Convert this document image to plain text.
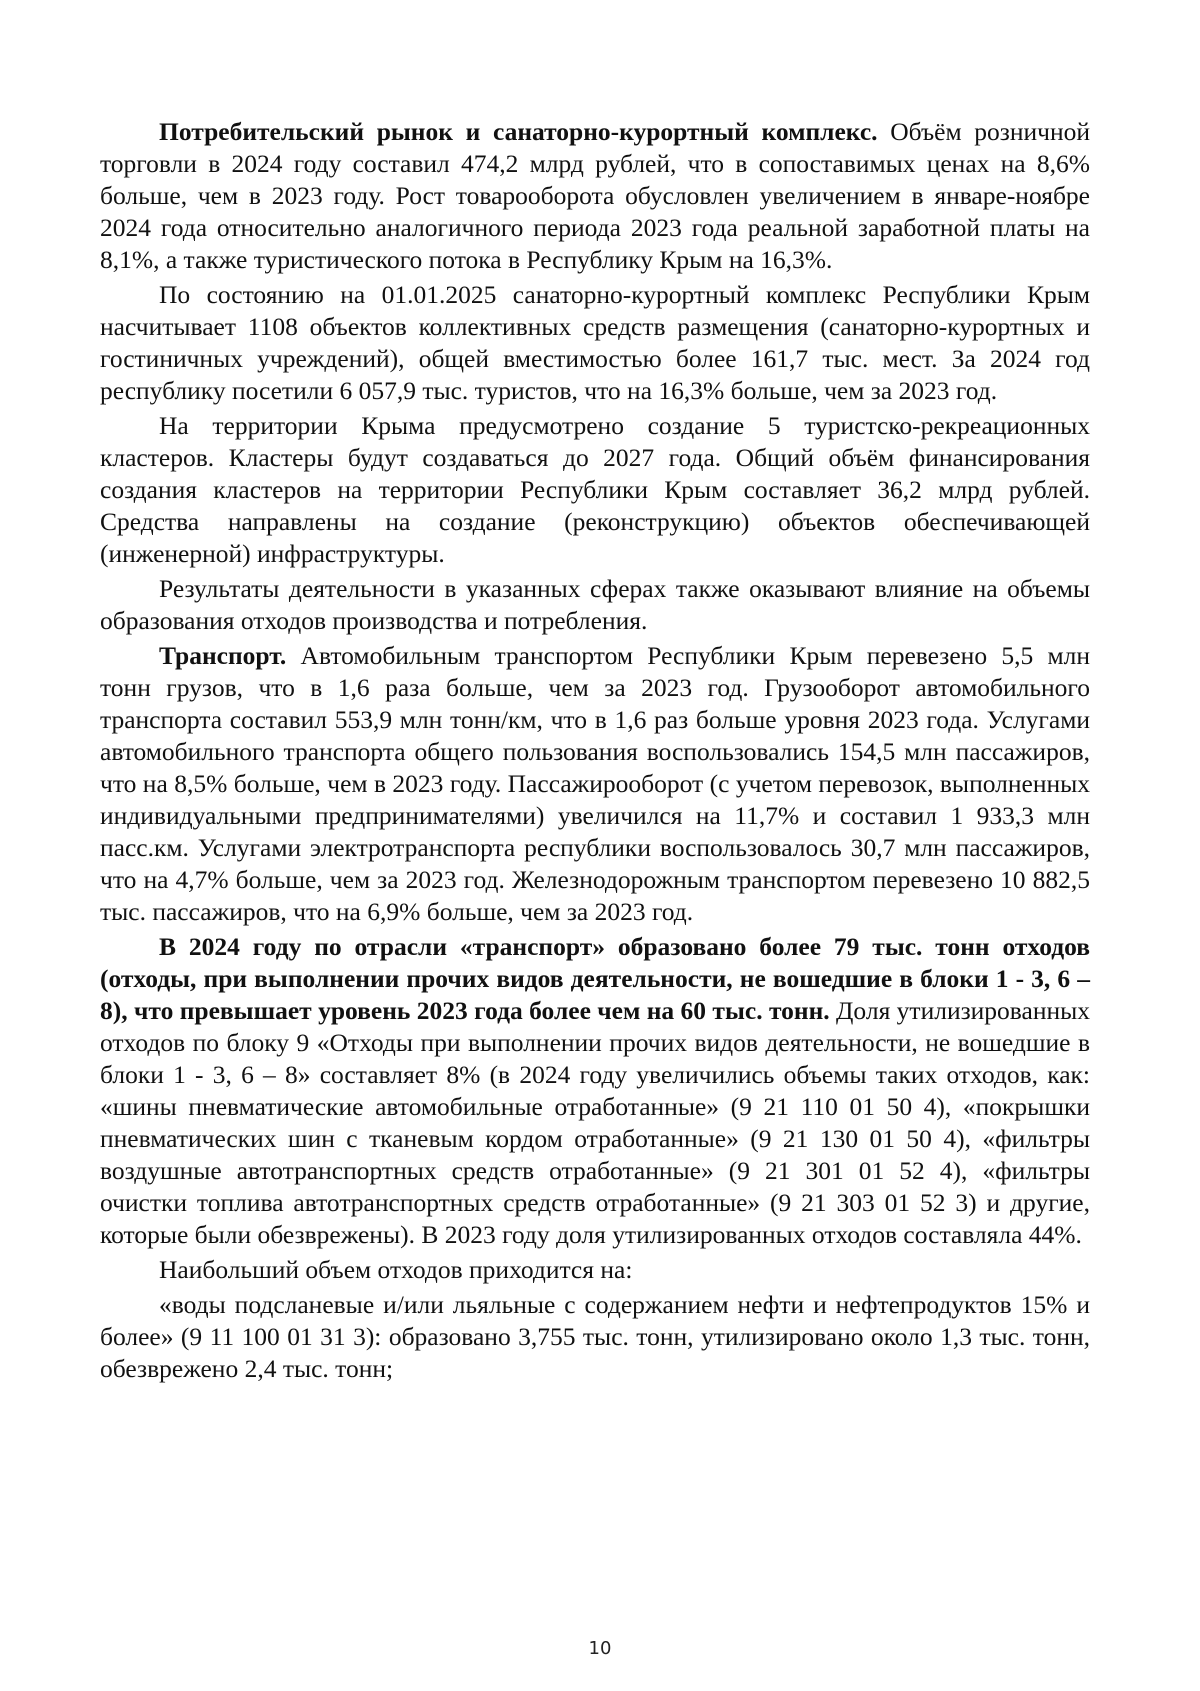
Потребительский рынок и санаторно-курортный комплекс. Объём розничной торговли в 2024 году составил 474,2 млрд рублей, что в сопоставимых ценах на 8,6% больше, чем в 2023 году. Рост товарооборота обусловлен увеличением в январе-ноябре 2024 года относительно аналогичного периода 2023 года реальной заработной платы на 8,1%, а также туристического потока в Республику Крым на 16,3%.

По состоянию на 01.01.2025 санаторно-курортный комплекс Республики Крым насчитывает 1108 объектов коллективных средств размещения (санаторно-курортных и гостиничных учреждений), общей вместимостью более 161,7 тыс. мест. За 2024 год республику посетили 6 057,9 тыс. туристов, что на 16,3% больше, чем за 2023 год.

На территории Крыма предусмотрено создание 5 туристско-рекреационных кластеров. Кластеры будут создаваться до 2027 года. Общий объём финансирования создания кластеров на территории Республики Крым составляет 36,2 млрд рублей. Средства направлены на создание (реконструкцию) объектов обеспечивающей (инженерной) инфраструктуры.

Результаты деятельности в указанных сферах также оказывают влияние на объемы образования отходов производства и потребления.

Транспорт. Автомобильным транспортом Республики Крым перевезено 5,5 млн тонн грузов, что в 1,6 раза больше, чем за 2023 год. Грузооборот автомобильного транспорта составил 553,9 млн тонн/км, что в 1,6 раз больше уровня 2023 года. Услугами автомобильного транспорта общего пользования воспользовались 154,5 млн пассажиров, что на 8,5% больше, чем в 2023 году. Пассажирооборот (с учетом перевозок, выполненных индивидуальными предпринимателями) увеличился на 11,7% и составил 1 933,3 млн пасс.км. Услугами электротранспорта республики воспользовалось 30,7 млн пассажиров, что на 4,7% больше, чем за 2023 год. Железнодорожным транспортом перевезено 10 882,5 тыс. пассажиров, что на 6,9% больше, чем за 2023 год.

В 2024 году по отрасли «транспорт» образовано более 79 тыс. тонн отходов (отходы, при выполнении прочих видов деятельности, не вошедшие в блоки 1 - 3, 6 – 8), что превышает уровень 2023 года более чем на 60 тыс. тонн. Доля утилизированных отходов по блоку 9 «Отходы при выполнении прочих видов деятельности, не вошедшие в блоки 1 - 3, 6 – 8» составляет 8% (в 2024 году увеличились объемы таких отходов, как: «шины пневматические автомобильные отработанные» (9 21 110 01 50 4), «покрышки пневматических шин с тканевым кордом отработанные» (9 21 130 01 50 4), «фильтры воздушные автотранспортных средств отработанные» (9 21 301 01 52 4), «фильтры очистки топлива автотранспортных средств отработанные» (9 21 303 01 52 3) и другие, которые были обезврежены). В 2023 году доля утилизированных отходов составляла 44%.

Наибольший объем отходов приходится на:

«воды подсланевые и/или льяльные с содержанием нефти и нефтепродуктов 15% и более» (9 11 100 01 31 3): образовано 3,755 тыс. тонн, утилизировано около 1,3 тыс. тонн, обезврежено 2,4 тыс. тонн;

10
